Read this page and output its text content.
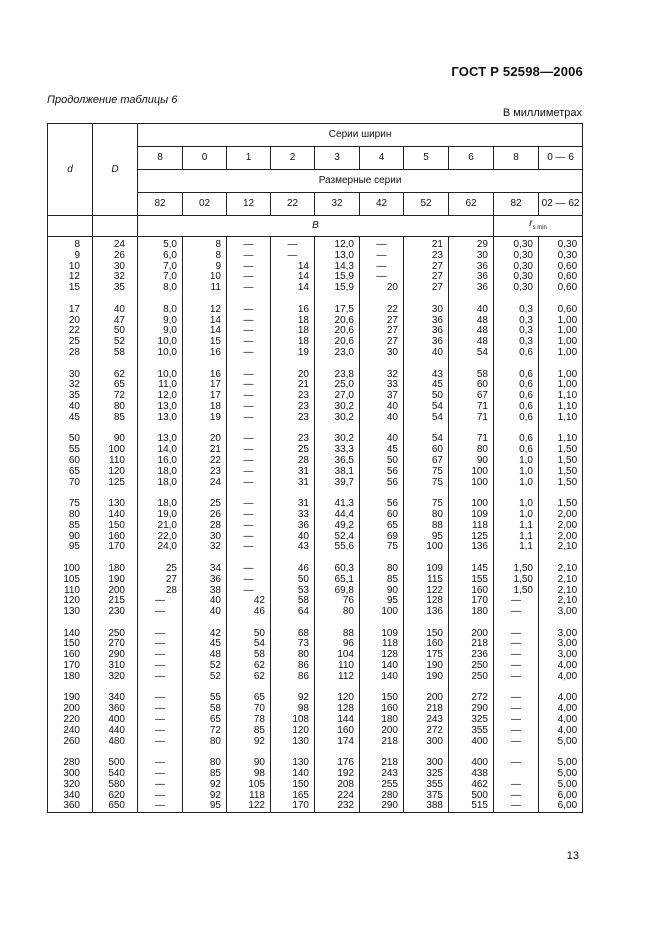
ГОСТ Р 52598—2006
Продолжение таблицы 6
В миллиметрах
d	D	Серии ширин									
		8	0	1	2	3	4	5	6	8	0 — 6
		Размерные серии									
		82	02	12	22	32	42	52	62	82	02 — 62
		B								$r_{s min}$
8	24	5,0	8	—	—	12,0	—	21	29	0,30	0,30
9	26	6,0	8	—	—	13,0	—	23	30	0,30	0,30
10	30	7,0	9	—	14	14,3	—	27	36	0,30	0,60
12	32	7,0	10	—	14	15,9	—	27	36	0,30	0,60
15	35	8,0	11	—	14	15,9	20	27	36	0,30	0,60

17	40	8,0	12	—	16	17,5	22	30	40	0,3	0,60
20	47	9,0	14	—	18	20,6	27	36	48	0,3	1,00
22	50	9,0	14	—	18	20,6	27	36	48	0,3	1,00
25	52	10,0	15	—	18	20,6	27	36	48	0,3	1,00
28	58	10,0	16	—	19	23,0	30	40	54	0,6	1,00

30	62	10,0	16	—	20	23,8	32	43	58	0,6	1,00
32	65	11,0	17	—	21	25,0	33	45	60	0,6	1,00
35	72	12,0	17	—	23	27,0	37	50	67	0,6	1,10
40	80	13,0	18	—	23	30,2	40	54	71	0,6	1,10
45	85	13,0	19	—	23	30,2	40	54	71	0,6	1,10

50	90	13,0	20	—	23	30,2	40	54	71	0,6	1,10
55	100	14,0	21	—	25	33,3	45	60	80	0,6	1,50
60	110	16,0	22	—	28	36,5	50	67	90	1,0	1,50
65	120	18,0	23	—	31	38,1	56	75	100	1,0	1,50
70	125	18,0	24	—	31	39,7	56	75	100	1,0	1,50

75	130	18,0	25	—	31	41,3	56	75	100	1,0	1,50
80	140	19,0	26	—	33	44,4	60	80	109	1,0	2,00
85	150	21,0	28	—	36	49,2	65	88	118	1,1	2,00
90	160	22,0	30	—	40	52,4	69	95	125	1,1	2,00
95	170	24,0	32	—	43	55,6	75	100	136	1,1	2,10

100	180	25	34	—	46	60,3	80	109	145	1,50	2,10
105	190	27	36	—	50	65,1	85	115	155	1,50	2,10
110	200	28	38	—	53	69,8	90	122	160	1,50	2,10
120	215	—	40	42	58	76	95	128	170	—	2,10
130	230	—	40	46	64	80	100	136	180	—	3,00

140	250	—	42	50	68	88	109	150	200	—	3,00
150	270	—	45	54	73	96	118	160	218	—	3,00
160	290	—	48	58	80	104	128	175	236	—	3,00
170	310	—	52	62	86	110	140	190	250	—	4,00
180	320	—	52	62	86	112	140	190	250	—	4,00

190	340	—	55	65	92	120	150	200	272	—	4,00
200	360	—	58	70	98	128	160	218	290	—	4,00
220	400	—	65	78	108	144	180	243	325	—	4,00
240	440	—	72	85	120	160	200	272	355	—	4,00
260	480	—	80	92	130	174	218	300	400	—	5,00

280	500	—	80	90	130	176	218	300	400	—	5,00
300	540	—	85	98	140	192	243	325	438		5,00
320	580	—	92	105	150	208	255	355	462	—	5,00
340	620	—	92	118	165	224	280	375	500	—	6,00
360	650	—	95	122	170	232	290	388	515	—	6,00
13
